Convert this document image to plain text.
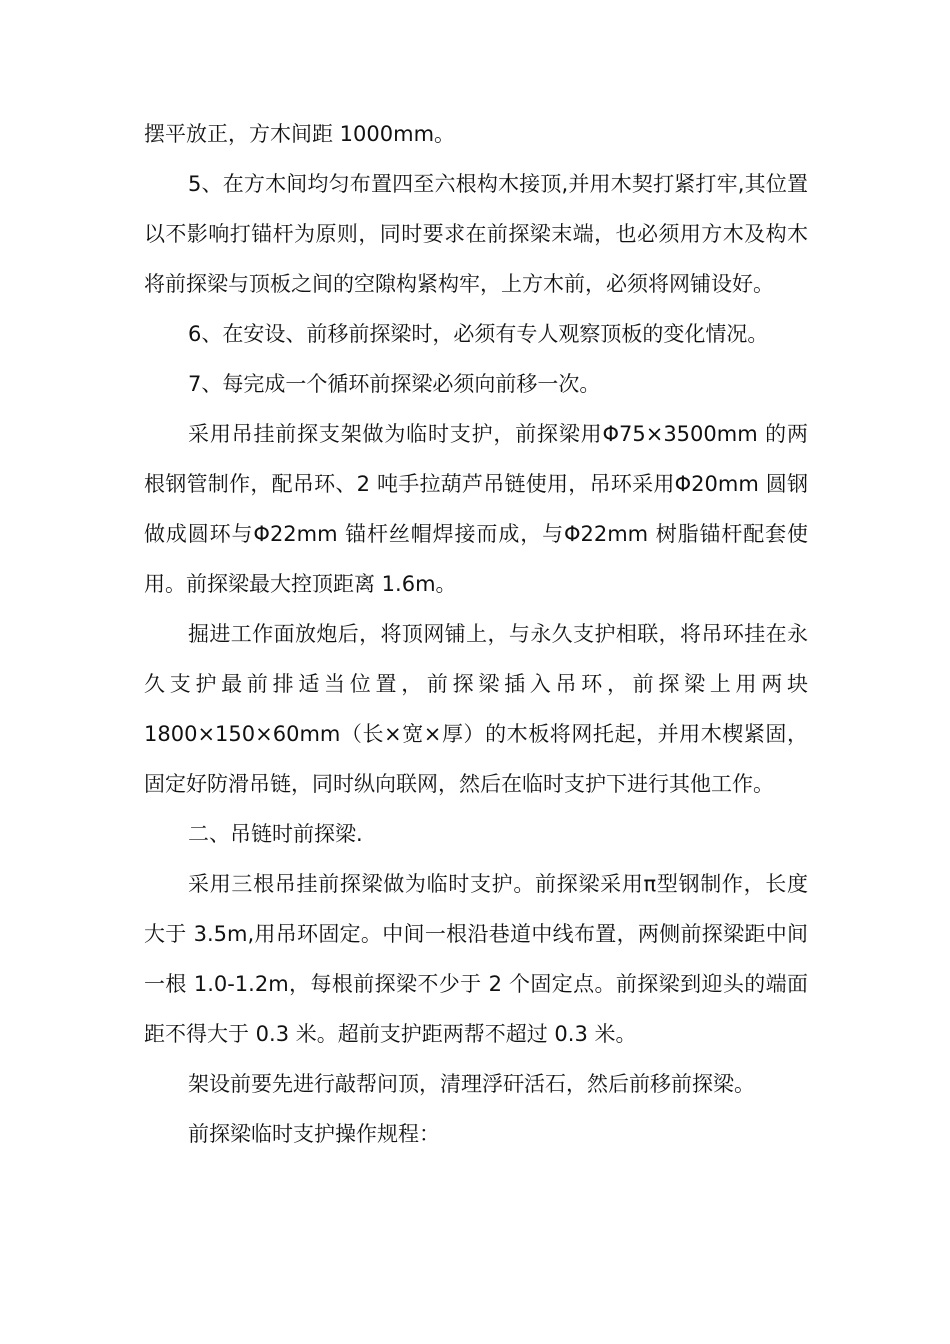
摆平放正，方木间距 1000mm。

5、在方木间均匀布置四至六根构木接顶,并用木契打紧打牢,其位置以不影响打锚杆为原则，同时要求在前探梁末端，也必须用方木及构木将前探梁与顶板之间的空隙构紧构牢，上方木前，必须将网铺设好。

6、在安设、前移前探梁时，必须有专人观察顶板的变化情况。

7、每完成一个循环前探梁必须向前移一次。

采用吊挂前探支架做为临时支护，前探梁用Φ75×3500mm 的两根钢管制作，配吊环、2 吨手拉葫芦吊链使用，吊环采用Φ20mm 圆钢做成圆环与Φ22mm 锚杆丝帽焊接而成，与Φ22mm 树脂锚杆配套使用。前探梁最大控顶距离 1.6m。

掘进工作面放炮后，将顶网铺上，与永久支护相联，将吊环挂在永久支护最前排适当位置，前探梁插入吊环，前探梁上用两块 1800×150×60mm（长×宽×厚）的木板将网托起，并用木楔紧固，固定好防滑吊链，同时纵向联网，然后在临时支护下进行其他工作。

二、吊链时前探梁.

采用三根吊挂前探梁做为临时支护。前探梁采用π型钢制作，长度大于 3.5m,用吊环固定。中间一根沿巷道中线布置，两侧前探梁距中间一根 1.0-1.2m，每根前探梁不少于 2 个固定点。前探梁到迎头的端面距不得大于 0.3 米。超前支护距两帮不超过 0.3 米。

架设前要先进行敲帮问顶，清理浮矸活石，然后前移前探梁。

前探梁临时支护操作规程：
